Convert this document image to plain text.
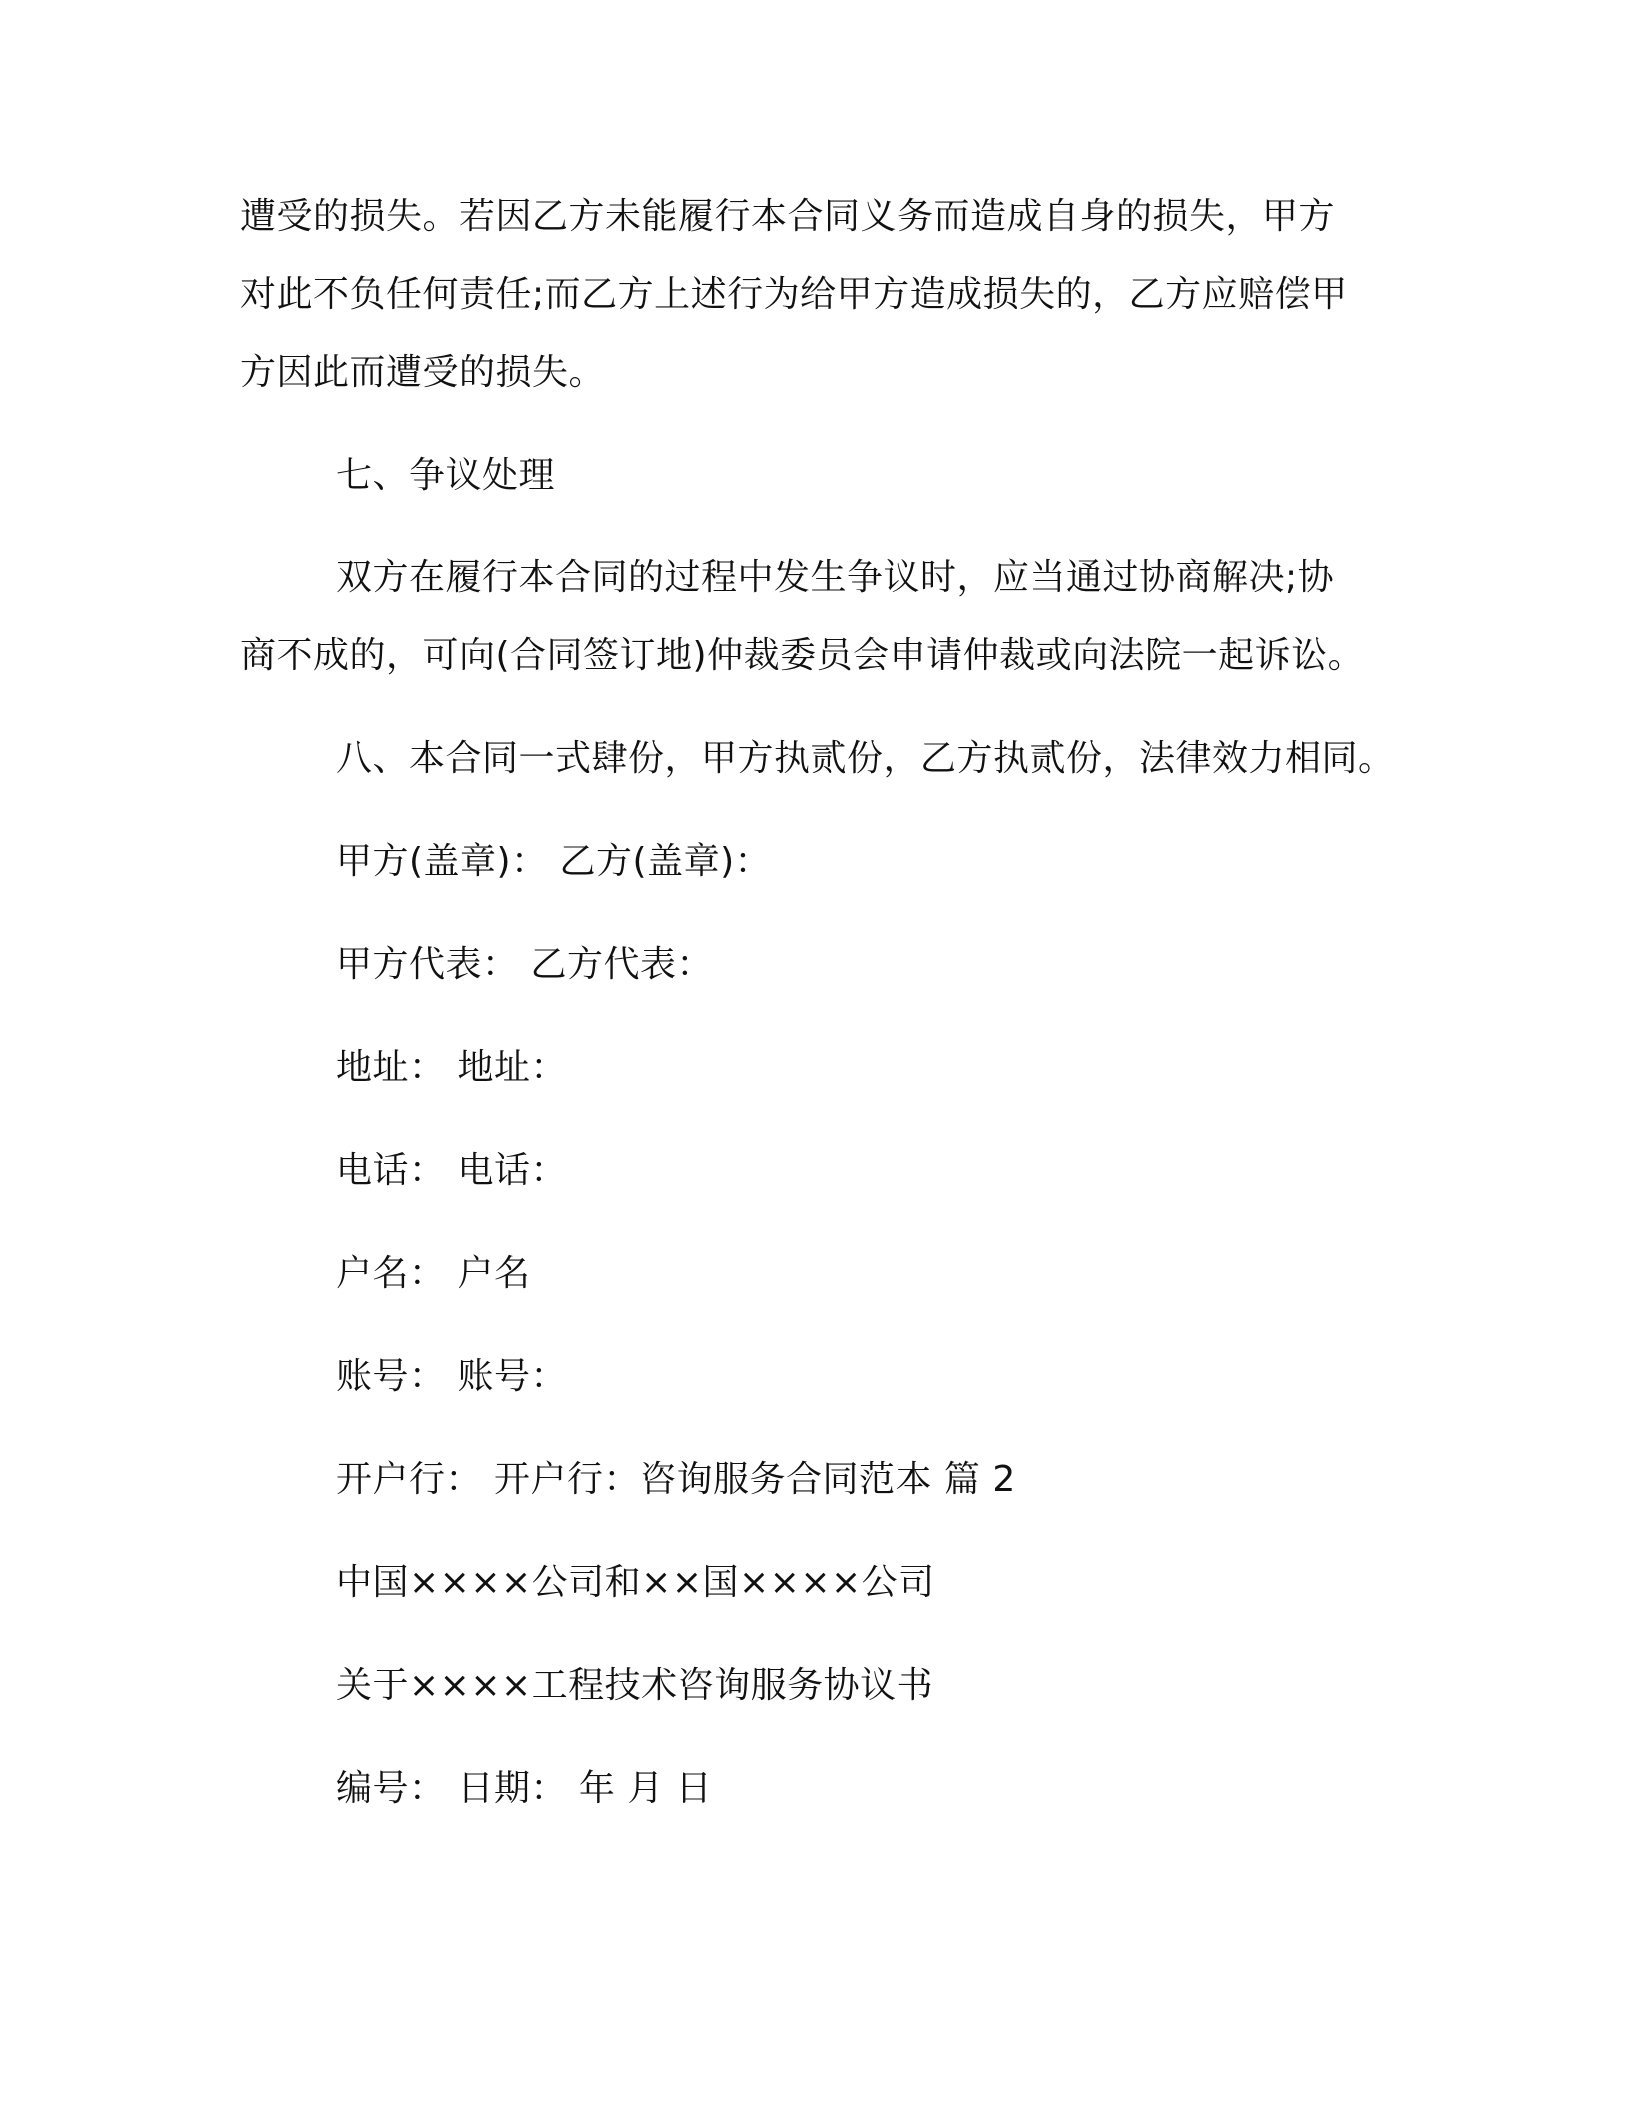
遭受的损失。若因乙方未能履行本合同义务而造成自身的损失，甲方
对此不负任何责任;而乙方上述行为给甲方造成损失的，乙方应赔偿甲
方因此而遭受的损失。
七、争议处理
双方在履行本合同的过程中发生争议时，应当通过协商解决;协
商不成的，可向(合同签订地)仲裁委员会申请仲裁或向法院一起诉讼。
八、本合同一式肆份，甲方执贰份，乙方执贰份，法律效力相同。
甲方(盖章)： 乙方(盖章)：
甲方代表： 乙方代表：
地址： 地址：
电话： 电话：
户名： 户名
账号： 账号：
开户行： 开户行：咨询服务合同范本 篇 2
中国××××公司和××国××××公司
关于××××工程技术咨询服务协议书
编号： 日期： 年 月 日
